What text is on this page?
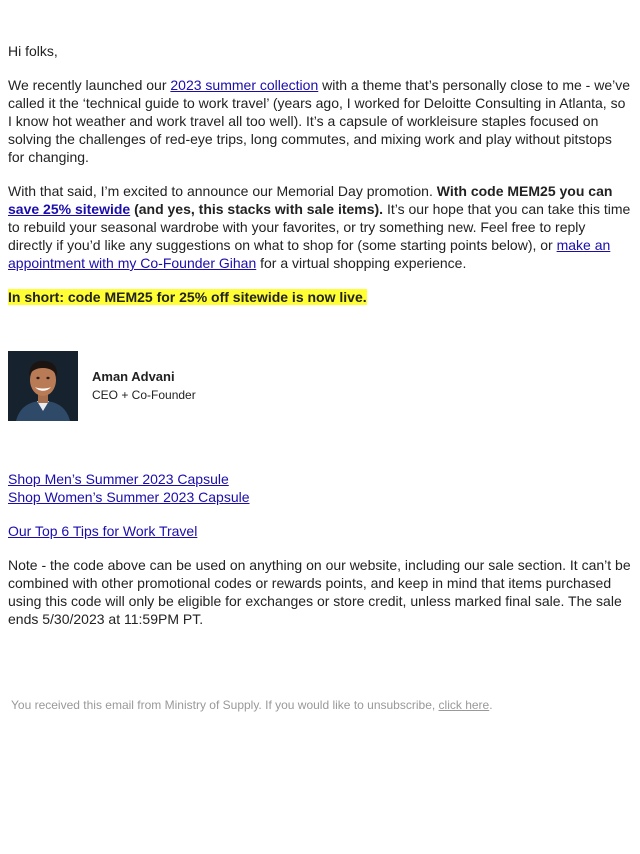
Hi folks,

We recently launched our 2023 summer collection with a theme that’s personally close to me - we’ve called it the ‘technical guide to work travel’ (years ago, I worked for Deloitte Consulting in Atlanta, so I know hot weather and work travel all too well). It’s a capsule of workleisure staples focused on solving the challenges of red-eye trips, long commutes, and mixing work and play without pitstops for changing.

With that said, I’m excited to announce our Memorial Day promotion. With code MEM25 you can save 25% sitewide (and yes, this stacks with sale items). It’s our hope that you can take this time to rebuild your seasonal wardrobe with your favorites, or try something new. Feel free to reply directly if you’d like any suggestions on what to shop for (some starting points below), or make an appointment with my Co-Founder Gihan for a virtual shopping experience.

In short: code MEM25 for 25% off sitewide is now live.

Aman Advani
CEO + Co-Founder
Shop Men’s Summer 2023 Capsule
Shop Women’s Summer 2023 Capsule
Our Top 6 Tips for Work Travel

Note - the code above can be used on anything on our website, including our sale section. It can’t be combined with other promotional codes or rewards points, and keep in mind that items purchased using this code will only be eligible for exchanges or store credit, unless marked final sale. The sale ends 5/30/2023 at 11:59PM PT.

You received this email from Ministry of Supply. If you would like to unsubscribe, click here.
